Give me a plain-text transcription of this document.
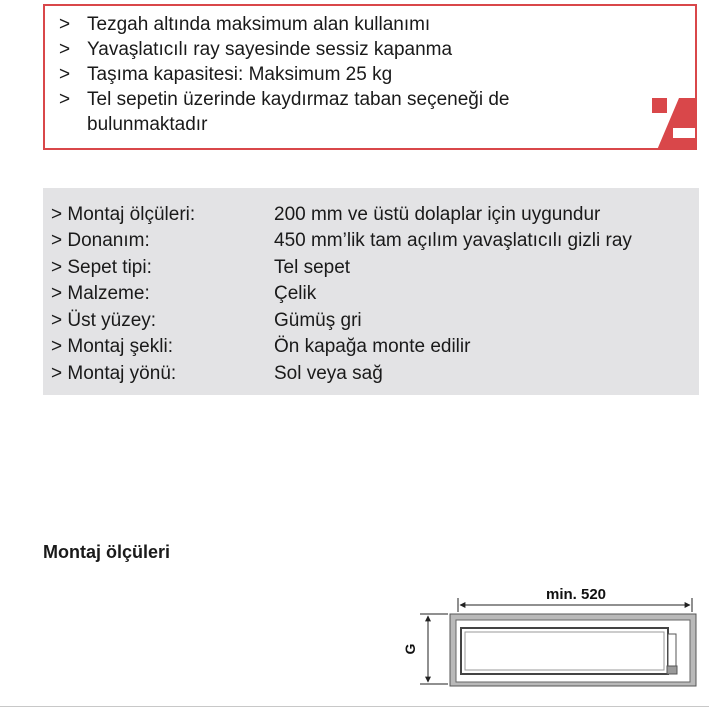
> Tezgah altında maksimum alan kullanımı
> Yavaşlatıcılı ray sayesinde sessiz kapanma
> Taşıma kapasitesi: Maksimum 25 kg
> Tel sepetin üzerinde kaydırmaz taban seçeneği de bulunmaktadır
> Montaj ölçüleri:	200 mm ve üstü dolaplar için uygundur
> Donanım:	450 mm’lik tam açılım yavaşlatıcılı gizli ray
> Sepet tipi:	Tel sepet
> Malzeme:	Çelik
> Üst yüzey:	Gümüş gri
> Montaj şekli:	Ön kapağa monte edilir
> Montaj yönü:	Sol veya sağ
Montaj ölçüleri
min. 520
G
